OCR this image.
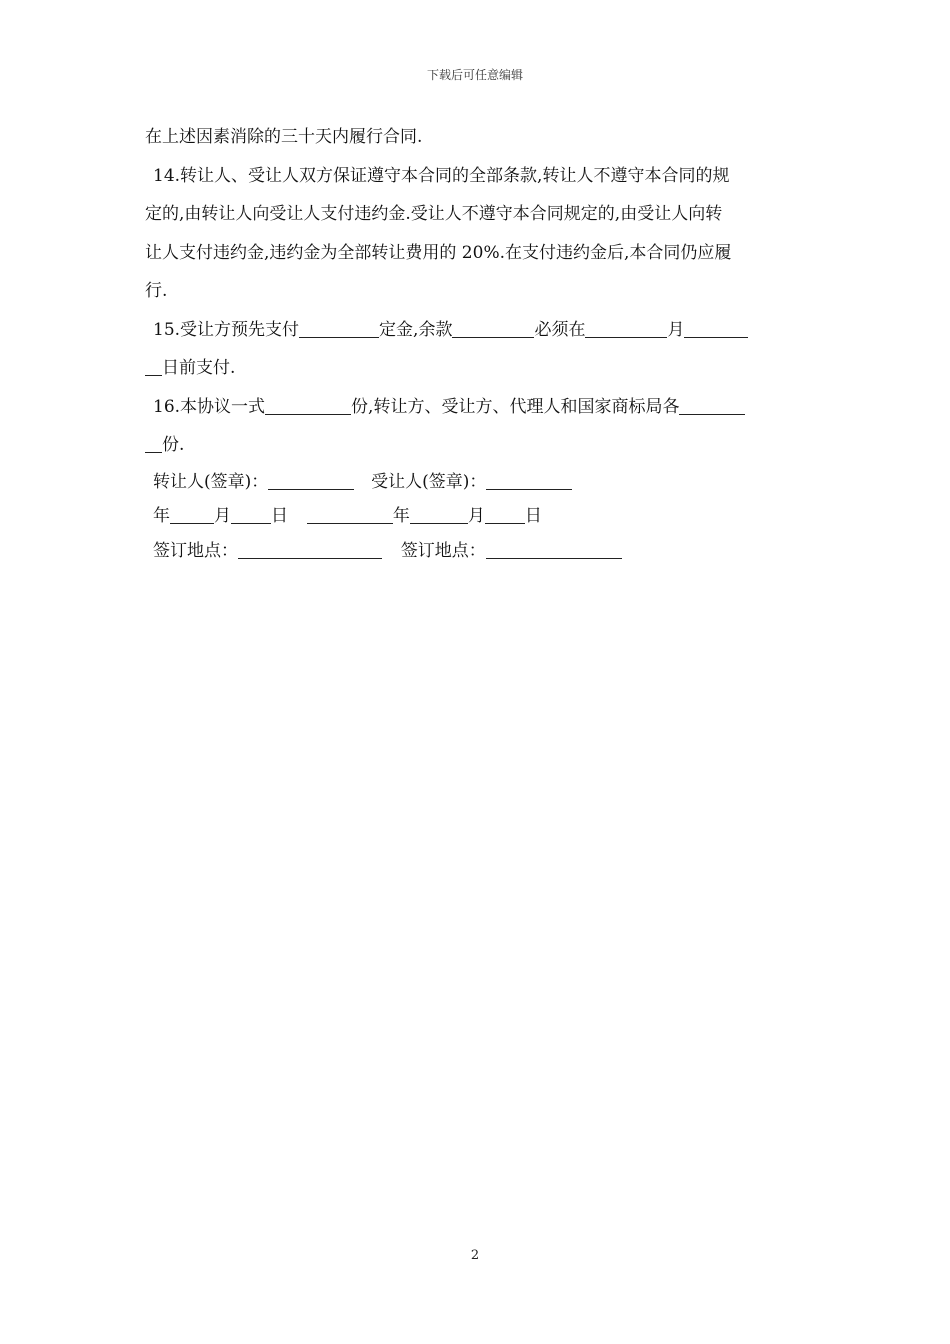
下载后可任意编辑
在上述因素消除的三十天内履行合同.
14.转让人、受让人双方保证遵守本合同的全部条款,转让人不遵守本合同的规
定的,由转让人向受让人支付违约金.受让人不遵守本合同规定的,由受让人向转
让人支付违约金,违约金为全部转让费用的 20%.在支付违约金后,本合同仍应履
行.
15.受让方预先支付	定金,余款	必须在	月
日前支付.
16.本协议一式	份,转让方、受让方、代理人和国家商标局各
份.
转让人(签章)：	受让人(签章)：
年	月 日	年	月 日
签订地点：	签订地点：
2
